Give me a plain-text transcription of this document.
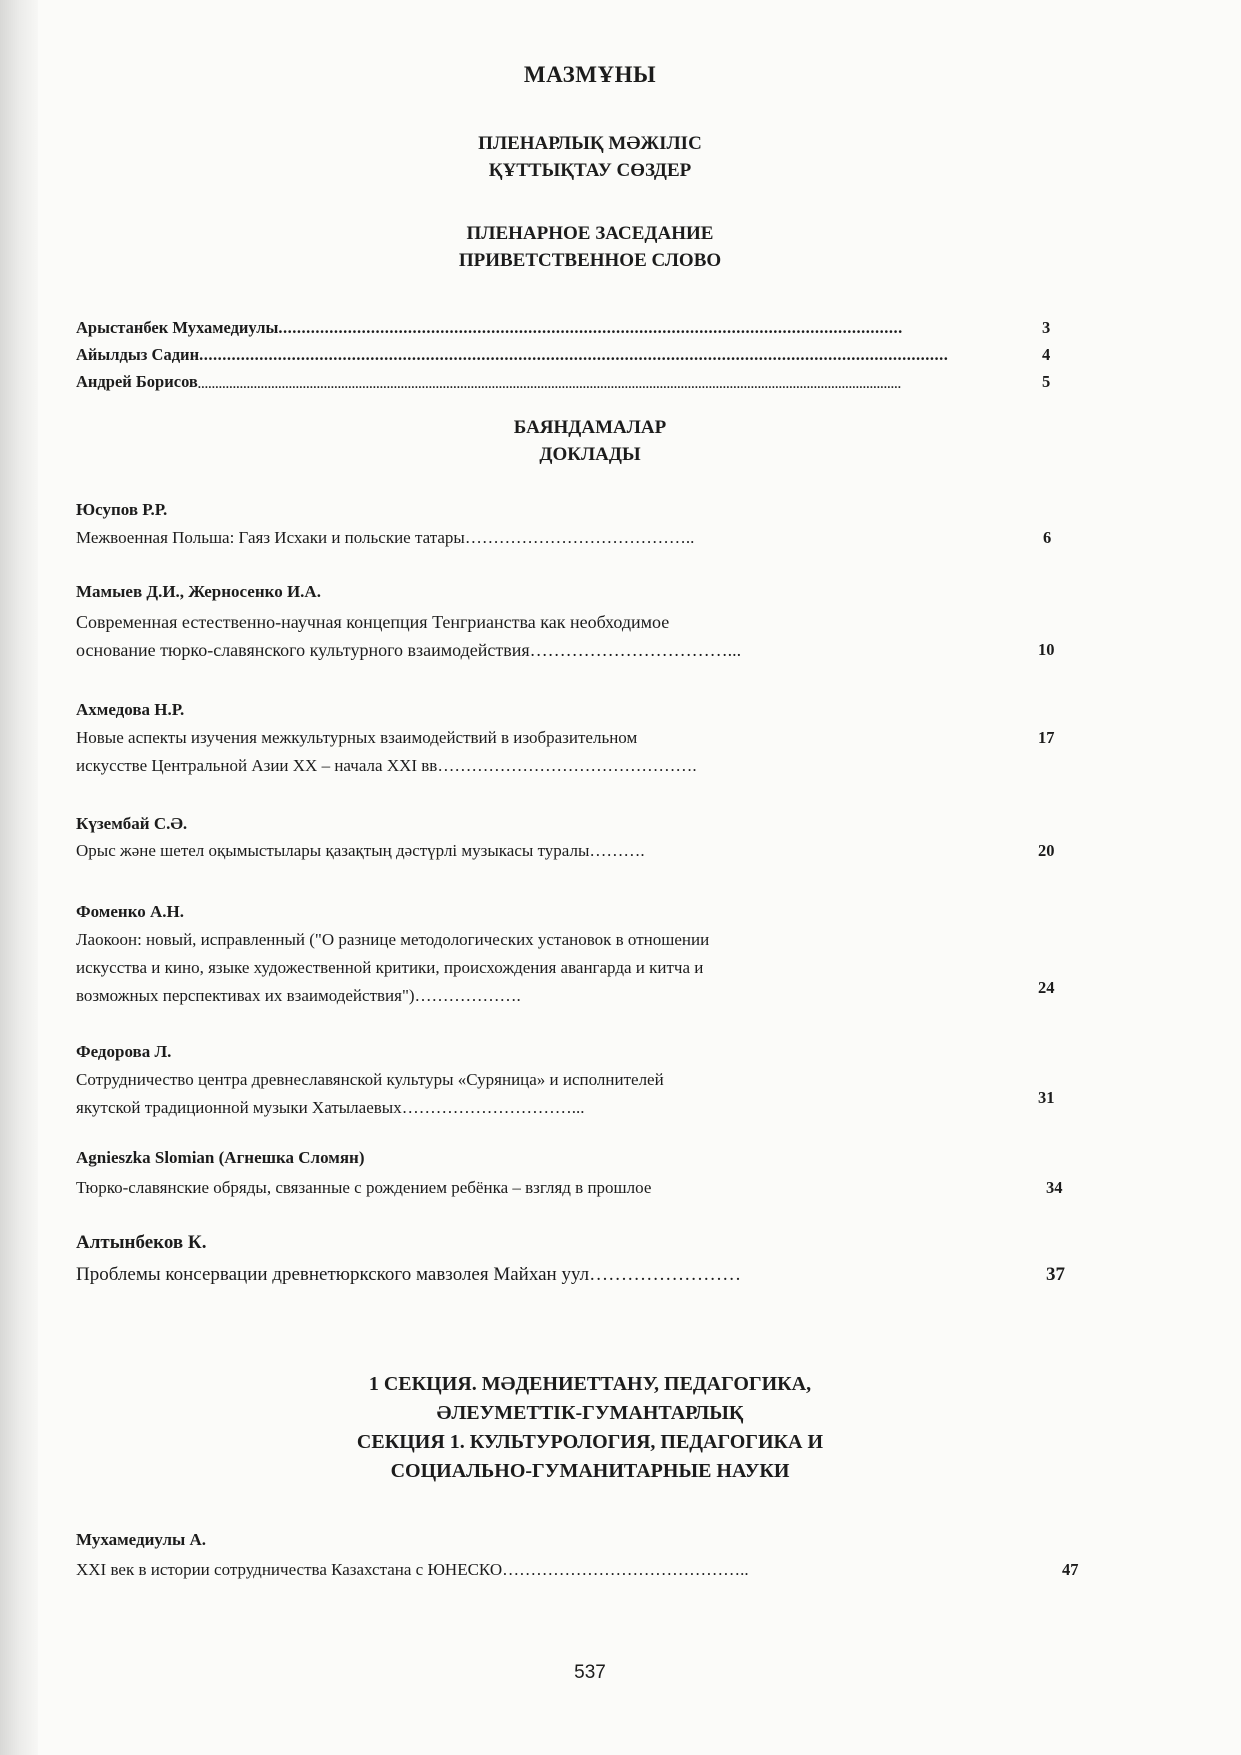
МАЗМҰНЫ
ПЛЕНАРЛЫҚ МӘЖІЛІС
ҚҰТТЫҚТАУ СӨЗДЕР
ПЛЕНАРНОЕ ЗАСЕДАНИЕ
ПРИВЕТСТВЕННОЕ СЛОВО
Арыстанбек Мухамедиулы.......................................................................................................................................	3
Айылдыз Садин..................................................................................................................................................................	4
Андрей Борисов.........................................................................................................................................................................................................	5
БАЯНДАМАЛАР
ДОКЛАДЫ
Юсупов Р.Р.
Межвоенная Польша: Гаяз Исхаки и польские татары…………………………………..	6
Мамыев Д.И., Жерносенко И.А.
Современная естественно-научная концепция Тенгрианства как необходимое
основание тюрко-славянского культурного взаимодействия……………………………...	10
Ахмедова Н.Р.
Новые аспекты изучения межкультурных взаимодействий в изобразительном	17
искусстве Центральной Азии XX – начала XXI вв……………………………………….
Күзембай С.Ә.
Орыс және шетел оқымыстылары қазақтың дәстүрлі музыкасы туралы……….	20
Фоменко А.Н.
Лаокоон: новый, исправленный ("О разнице методологических установок в отношении
искусства и кино, языке художественной критики, происхождения авангарда и китча и
возможных перспективах их взаимодействия")……………….	24
Федорова Л.
Сотрудничество центра древнеславянской культуры «Суряница» и исполнителей
якутской традиционной музыки Хатылаевых…………………………...
31
Agnieszka Slomian (Агнешка Сломян)
Тюрко-славянские обряды, связанные с рождением ребёнка – взгляд в прошлое	34
Алтынбеков К.
Проблемы консервации древнетюркского мавзолея Майхан уул……………………	37
1 СЕКЦИЯ. МӘДЕНИЕТТАНУ, ПЕДАГОГИКА,
ӘЛЕУМЕТТІК-ГУМАНТАРЛЫҚ
СЕКЦИЯ 1. КУЛЬТУРОЛОГИЯ, ПЕДАГОГИКА И
СОЦИАЛЬНО-ГУМАНИТАРНЫЕ НАУКИ
Мухамедиулы А.
XXI век в истории сотрудничества Казахстана с ЮНЕСКО……………………………………..	47
537
